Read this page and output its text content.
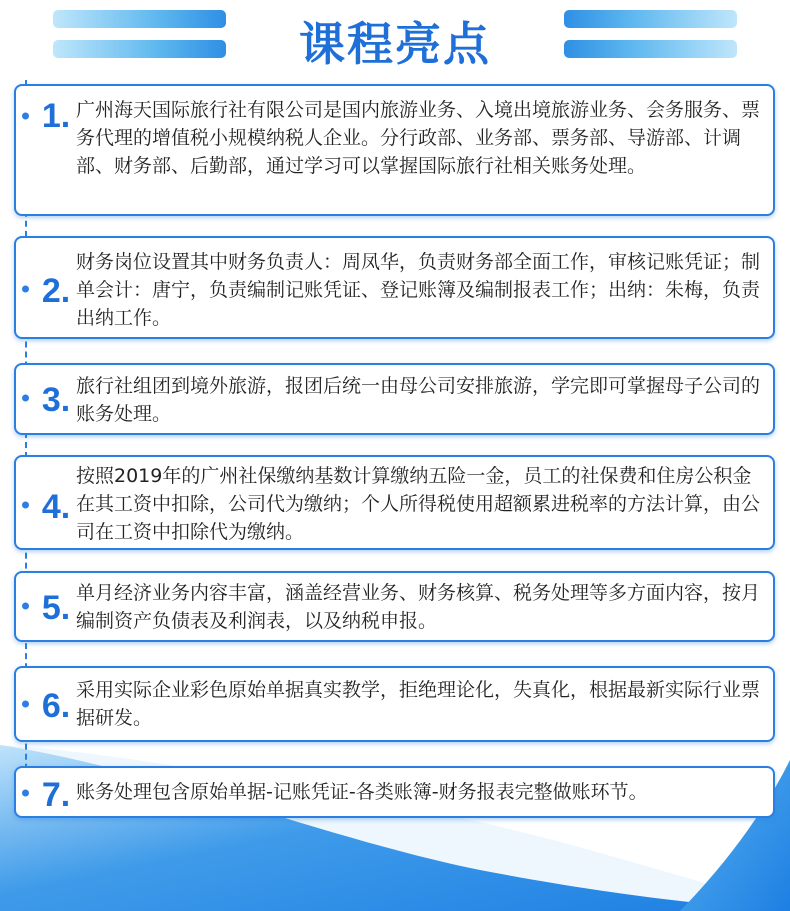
课程亮点
1. 广州海天国际旅行社有限公司是国内旅游业务、入境出境旅游业务、会务服务、票务代理的增值税小规模纳税人企业。分行政部、业务部、票务部、导游部、计调部、财务部、后勤部，通过学习可以掌握国际旅行社相关账务处理。
2.
财务岗位设置其中财务负责人：周凤华，负责财务部全面工作，审核记账凭证；制单会计：唐宁，负责编制记账凭证、登记账簿及编制报表工作；出纳：朱梅，负责出纳工作。
3. 旅行社组团到境外旅游，报团后统一由母公司安排旅游，学完即可掌握母子公司的账务处理。
4.
按照2019年的广州社保缴纳基数计算缴纳五险一金，员工的社保费和住房公积金在其工资中扣除，公司代为缴纳；个人所得税使用超额累进税率的方法计算，由公司在工资中扣除代为缴纳。
5. 单月经济业务内容丰富，涵盖经营业务、财务核算、税务处理等多方面内容，按月编制资产负债表及利润表，以及纳税申报。
6. 采用实际企业彩色原始单据真实教学，拒绝理论化，失真化，根据最新实际行业票据研发。
7. 账务处理包含原始单据-记账凭证-各类账簿-财务报表完整做账环节。
